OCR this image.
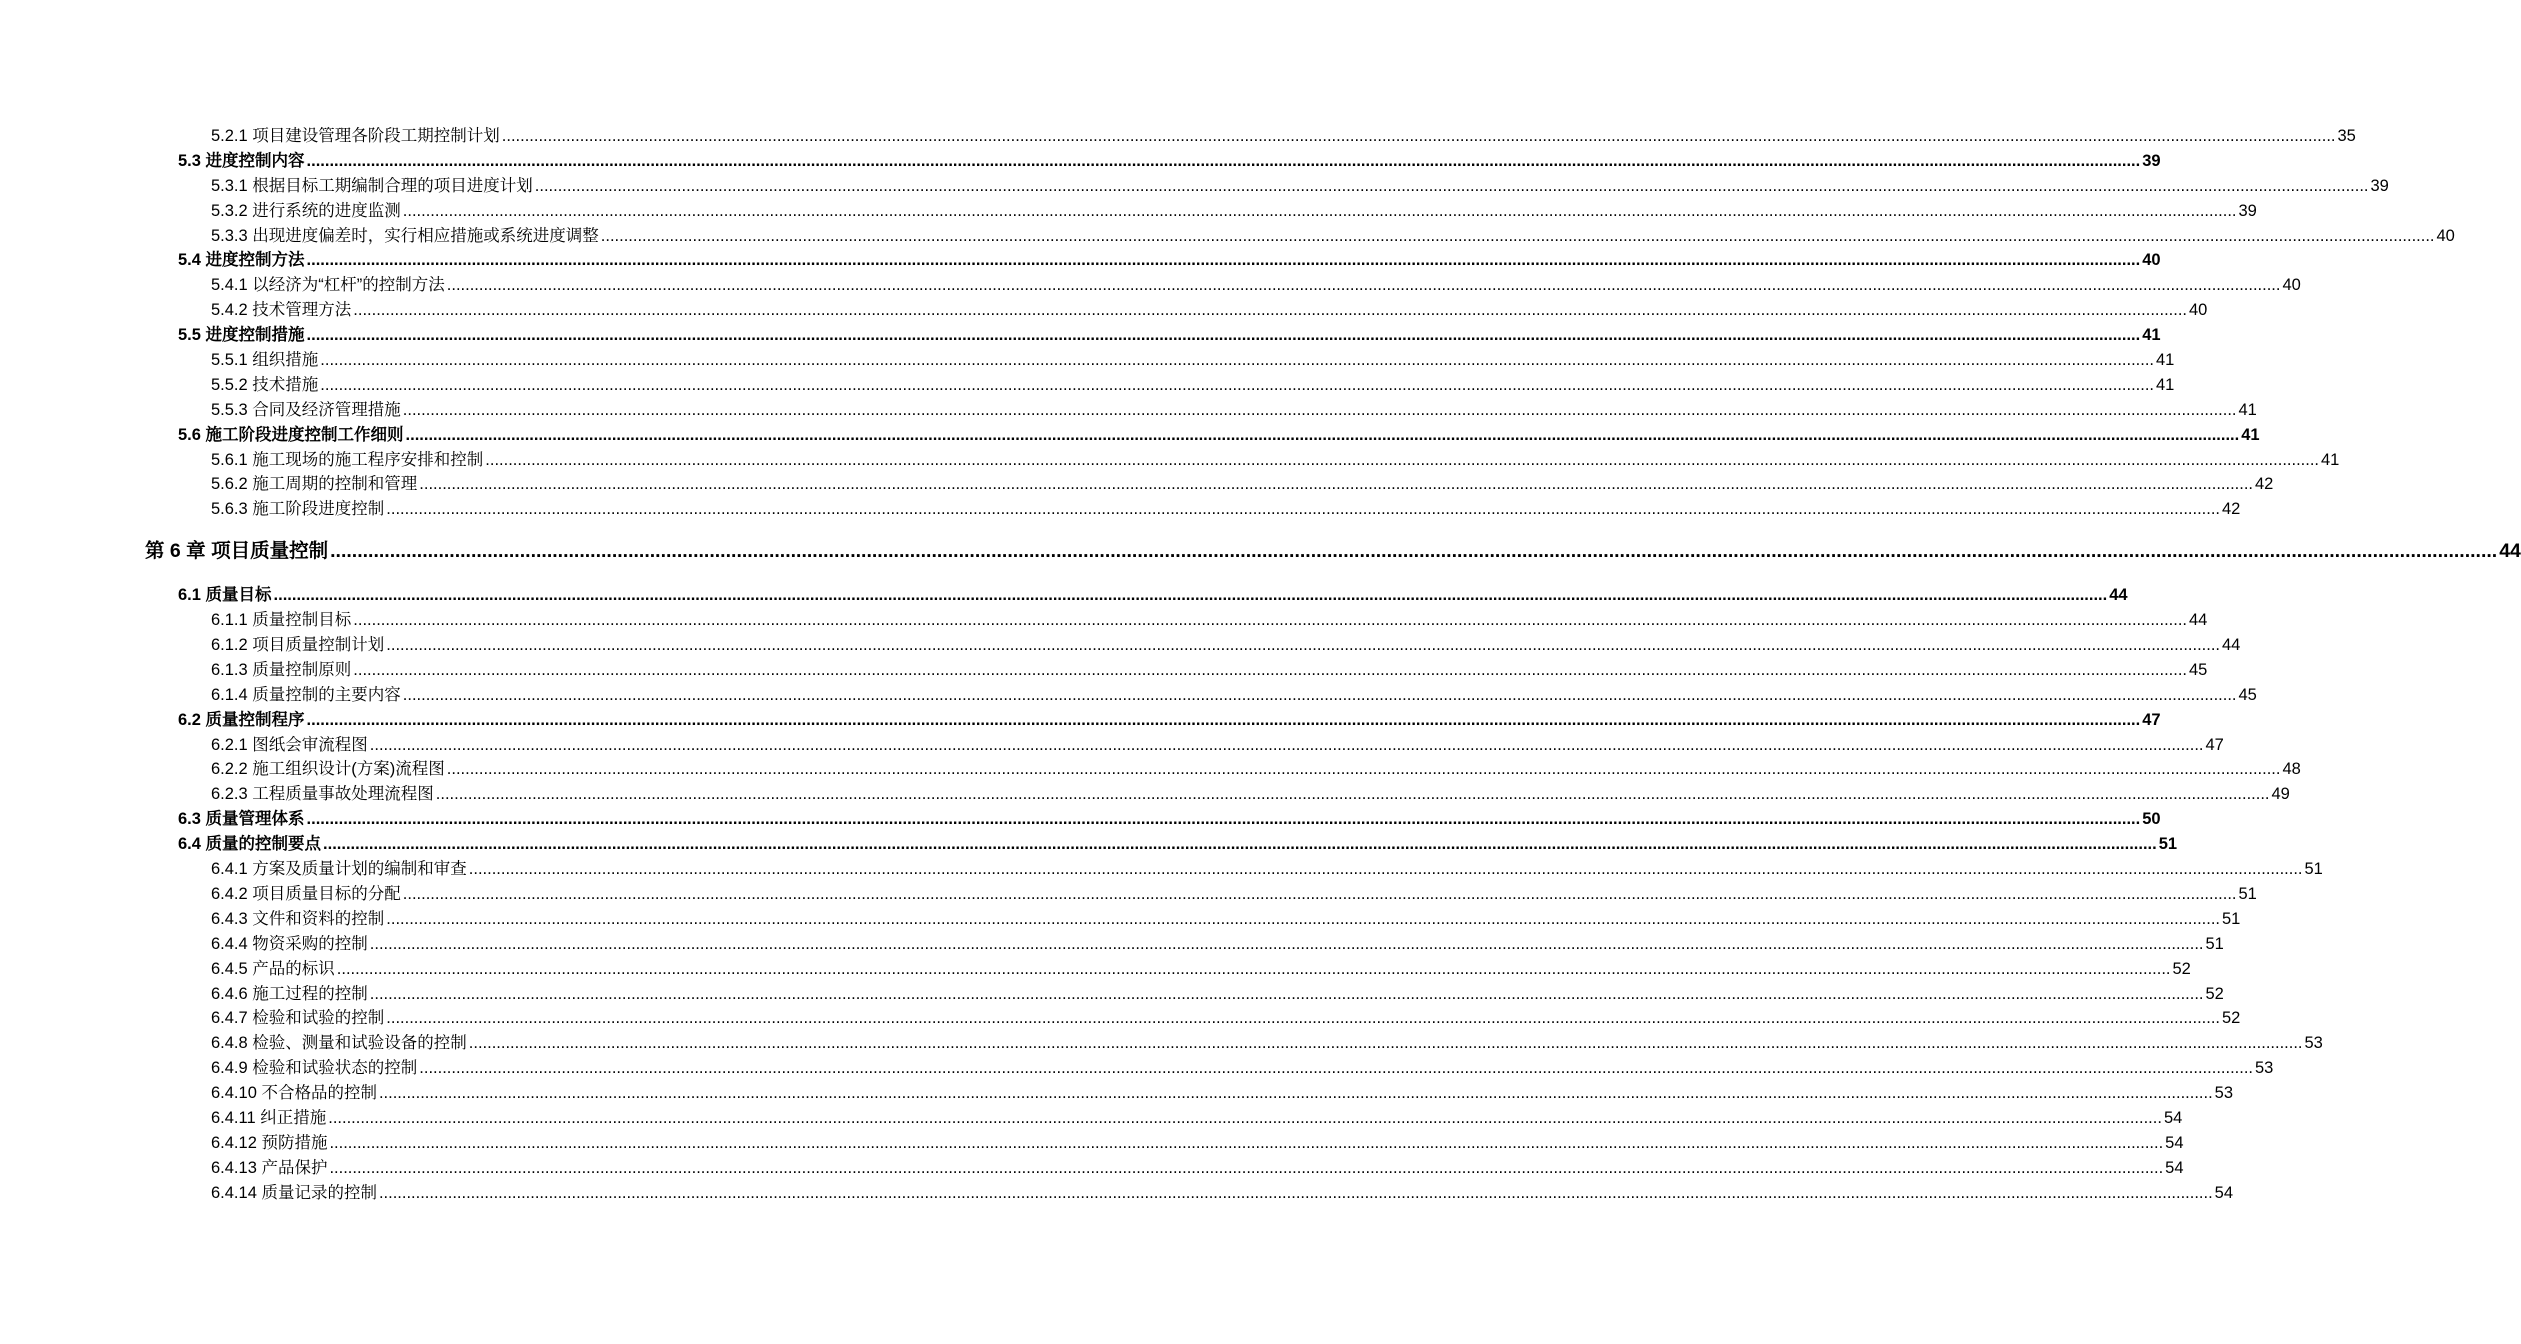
5.2.1 项目建设管理各阶段工期控制计划 ................................................................................................................................................................................................................................................................................................................................................................................................................ 35
5.3 进度控制内容 ................................................................................................................................................................................................................................................................................................................................................................................................................ 39
5.3.1 根据目标工期编制合理的项目进度计划 ................................................................................................................................................................................................................................................................................................................................................................................................................ 39
5.3.2 进行系统的进度监测 ................................................................................................................................................................................................................................................................................................................................................................................................................ 39
5.3.3 出现进度偏差时，实行相应措施或系统进度调整 ................................................................................................................................................................................................................................................................................................................................................................................................................ 40
5.4 进度控制方法 ................................................................................................................................................................................................................................................................................................................................................................................................................ 40
5.4.1 以经济为“杠杆”的控制方法 ................................................................................................................................................................................................................................................................................................................................................................................................................ 40
5.4.2 技术管理方法 ................................................................................................................................................................................................................................................................................................................................................................................................................ 40
5.5 进度控制措施 ................................................................................................................................................................................................................................................................................................................................................................................................................ 41
5.5.1 组织措施 ................................................................................................................................................................................................................................................................................................................................................................................................................ 41
5.5.2 技术措施 ................................................................................................................................................................................................................................................................................................................................................................................................................ 41
5.5.3 合同及经济管理措施 ................................................................................................................................................................................................................................................................................................................................................................................................................ 41
5.6 施工阶段进度控制工作细则 ................................................................................................................................................................................................................................................................................................................................................................................................................ 41
5.6.1 施工现场的施工程序安排和控制 ................................................................................................................................................................................................................................................................................................................................................................................................................ 41
5.6.2 施工周期的控制和管理 ................................................................................................................................................................................................................................................................................................................................................................................................................ 42
5.6.3 施工阶段进度控制 ................................................................................................................................................................................................................................................................................................................................................................................................................ 42
第 6 章 项目质量控制 ................................................................................................................................................................................................................................................................................................................................................................................................................ 44
6.1 质量目标 ................................................................................................................................................................................................................................................................................................................................................................................................................ 44
6.1.1 质量控制目标 ................................................................................................................................................................................................................................................................................................................................................................................................................ 44
6.1.2 项目质量控制计划 ................................................................................................................................................................................................................................................................................................................................................................................................................ 44
6.1.3 质量控制原则 ................................................................................................................................................................................................................................................................................................................................................................................................................ 45
6.1.4 质量控制的主要内容 ................................................................................................................................................................................................................................................................................................................................................................................................................ 45
6.2 质量控制程序 ................................................................................................................................................................................................................................................................................................................................................................................................................ 47
6.2.1 图纸会审流程图 ................................................................................................................................................................................................................................................................................................................................................................................................................ 47
6.2.2 施工组织设计(方案)流程图 ................................................................................................................................................................................................................................................................................................................................................................................................................ 48
6.2.3 工程质量事故处理流程图 ................................................................................................................................................................................................................................................................................................................................................................................................................ 49
6.3 质量管理体系 ................................................................................................................................................................................................................................................................................................................................................................................................................ 50
6.4 质量的控制要点 ................................................................................................................................................................................................................................................................................................................................................................................................................ 51
6.4.1 方案及质量计划的编制和审查 ................................................................................................................................................................................................................................................................................................................................................................................................................ 51
6.4.2 项目质量目标的分配 ................................................................................................................................................................................................................................................................................................................................................................................................................ 51
6.4.3 文件和资料的控制 ................................................................................................................................................................................................................................................................................................................................................................................................................ 51
6.4.4 物资采购的控制 ................................................................................................................................................................................................................................................................................................................................................................................................................ 51
6.4.5 产品的标识 ................................................................................................................................................................................................................................................................................................................................................................................................................ 52
6.4.6 施工过程的控制 ................................................................................................................................................................................................................................................................................................................................................................................................................ 52
6.4.7 检验和试验的控制 ................................................................................................................................................................................................................................................................................................................................................................................................................ 52
6.4.8 检验、测量和试验设备的控制 ................................................................................................................................................................................................................................................................................................................................................................................................................ 53
6.4.9 检验和试验状态的控制 ................................................................................................................................................................................................................................................................................................................................................................................................................ 53
6.4.10 不合格品的控制 ................................................................................................................................................................................................................................................................................................................................................................................................................ 53
6.4.11 纠正措施 ................................................................................................................................................................................................................................................................................................................................................................................................................ 54
6.4.12 预防措施 ................................................................................................................................................................................................................................................................................................................................................................................................................ 54
6.4.13 产品保护 ................................................................................................................................................................................................................................................................................................................................................................................................................ 54
6.4.14 质量记录的控制 ................................................................................................................................................................................................................................................................................................................................................................................................................ 54
